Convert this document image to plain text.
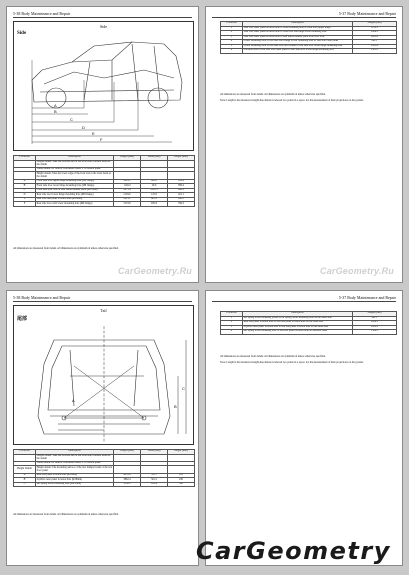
5-38 Body Maintenance and Repair
Side
Side
A
B
C
D
E
F
Locations	Description	Length (mm)	Width (mm)	Height (mm)
	Length datum: Take the forward end of the front side collision beam as the datum			
	Width datum: Its vehicle coordinate center, Y=0 central plane			
	Height datum: Take the lower edge of the front end of the front beam as the datum			
A	Front side door upper hinge mounting hole (M8 flange)	1091.1	682.0	932.9
B	Front side door lower hinge mounting hole (M8 flange)	1129.0	29.6	858.4
C	Front side door lock of side reinforcement plate (Φ8.5mm)	1675.4	-4.95.3	643.5
D	Rear side door lower hinge mounting hole (M8 flange)	2129.6	125.6	421.1
E	Side wall rear panel location hole (Φ18mm)	2613.1	625.5	658.5
F	Rear side box catch lower mounting hole (M6 flange)	3133.6	635.8	796.3
All dimensions are measured from datum. All dimensions are symmetrical unless otherwise specified.
CarGeometry.Ru
5-37 Body Maintenance and Repair
Locations	Description	Length (mm)
1	Side wall outer panel location hole to front mounting hole of front door upper hinge	1132.3
2	Side wall outer panel location hole to front door and hinge lower mounting hole	1089.1
3	Side wall outer panel location hole to side reinforcement plate front door lock	1083.8
4	Lower mounting hole of rear side door hinge to rear mounting hole of side wall outer panel	861.1
5	Lower mounting hole of rear side box latch striker to rear side door lower hinge mounting hole	1095.6
6	Location hole of rear side wall outer panel to rear side door lower hinge mounting hole	1303.3
All dimensions are measured from datum. All dimensions are symmetrical unless otherwise specified.
Note: Length is the measured straight-line distance between two points in a space, not the measurement of their projections on the ground.
CarGeometry.Ru
5-38 Body Maintenance and Repair
Tail
尾部
A
B
C
Locations	Description	Length (mm)	Width (mm)	Height (mm)
	Length datum: Take the forward end of the front side collision beam as the datum			
	Width datum: Its vehicle coordinate center, Y=0 central plane			
Height Datum	Height datum: The mounting surface of the rear bumper beam of the rear floor panel			
A	Rear end panel location hole (Φ18mm)	4031.9	531.7	161
B	D-pillar outer panel location hole (Φ18mm)	3862.4	501.2	160
C	Air spring lower mounting hole (Φ9.5mm)	3356.5	652.4	590
All dimensions are measured from datum. All dimensions are symmetrical unless otherwise specified.
5-37 Body Maintenance and Repair
Locations	Description	Length (mm)
1	Air spring lower mounting points to air spring lower mounting hole on the same side	901.1
2	Rear end panel location hole to rear end panel location hole on the same side	1069.1
3	D-pillar outer panel location hole to rear end panel location hole on the same side	1043.2
4	Air spring lower mounting hole to rear end panel location hole on different sides	1306.1
All dimensions are measured from datum. All dimensions are symmetrical unless otherwise specified.
Note: Length is the measured straight-line distance between two points in a space, not the measurement of their projections on the ground.
CarGeometry
